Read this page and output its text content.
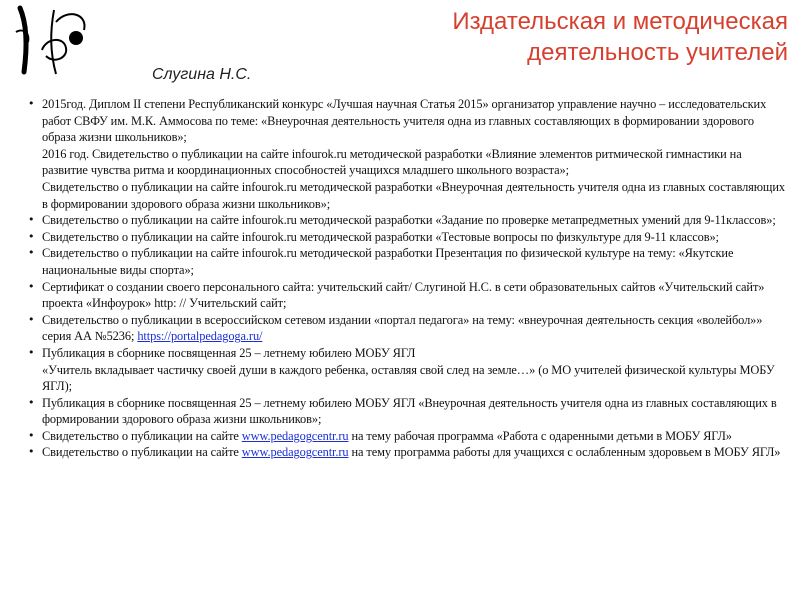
Издательская и методическая
деятельность учителей
Слугина Н.С.

• 2015год. Диплом II степени Республиканский конкурс «Лучшая научная Статья 2015» организатор управление научно – исследовательских работ СВФУ им. М.К. Аммосова по теме: «Внеурочная деятельность учителя одна из главных составляющих в формировании здорового образа жизни школьников»;

2016 год. Свидетельство о публикации на сайте infourok.ru методической разработки «Влияние элементов ритмической гимнастики на развитие чувства ритма и координационных способностей учащихся младшего школьного возраста»;

Свидетельство о публикации на сайте infourok.ru методической разработки «Внеурочная деятельность учителя одна из главных составляющих в формировании здорового образа жизни школьников»;

• Свидетельство о публикации на сайте infourok.ru методической разработки «Задание по проверке метапредметных умений для 9-11классов»;

• Свидетельство о публикации на сайте infourok.ru методической разработки «Тестовые вопросы по физкультуре для 9-11 классов»;

• Свидетельство о публикации на сайте infourok.ru методической разработки Презентация по физической культуре на тему: «Якутские национальные виды спорта»;

• Сертификат о создании своего персонального сайта: учительский сайт/ Слугиной Н.С. в сети образовательных сайтов «Учительский сайт» проекта «Инфоурок» http: // Учительский сайт;

• Свидетельство о публикации в всероссийском сетевом издании «портал педагога» на тему: «внеурочная деятельность секция «волейбол»» серия АА №5236; https://portalpedagoga.ru/

• Публикация в сборнике посвященная 25 – летнему юбилею МОБУ ЯГЛ

«Учитель вкладывает частичку своей души в каждого ребенка, оставляя свой след на земле…» (о МО учителей физической культуры МОБУ ЯГЛ);

• Публикация в сборнике посвященная 25 – летнему юбилею МОБУ ЯГЛ «Внеурочная деятельность учителя одна из главных составляющих в формировании здорового образа жизни школьников»;

• Свидетельство о публикации на сайте www.pedagogcentr.ru на тему рабочая программа «Работа с одаренными детьми в МОБУ ЯГЛ»

• Свидетельство о публикации на сайте www.pedagogcentr.ru на тему программа работы для учащихся с ослабленным здоровьем в МОБУ ЯГЛ»
